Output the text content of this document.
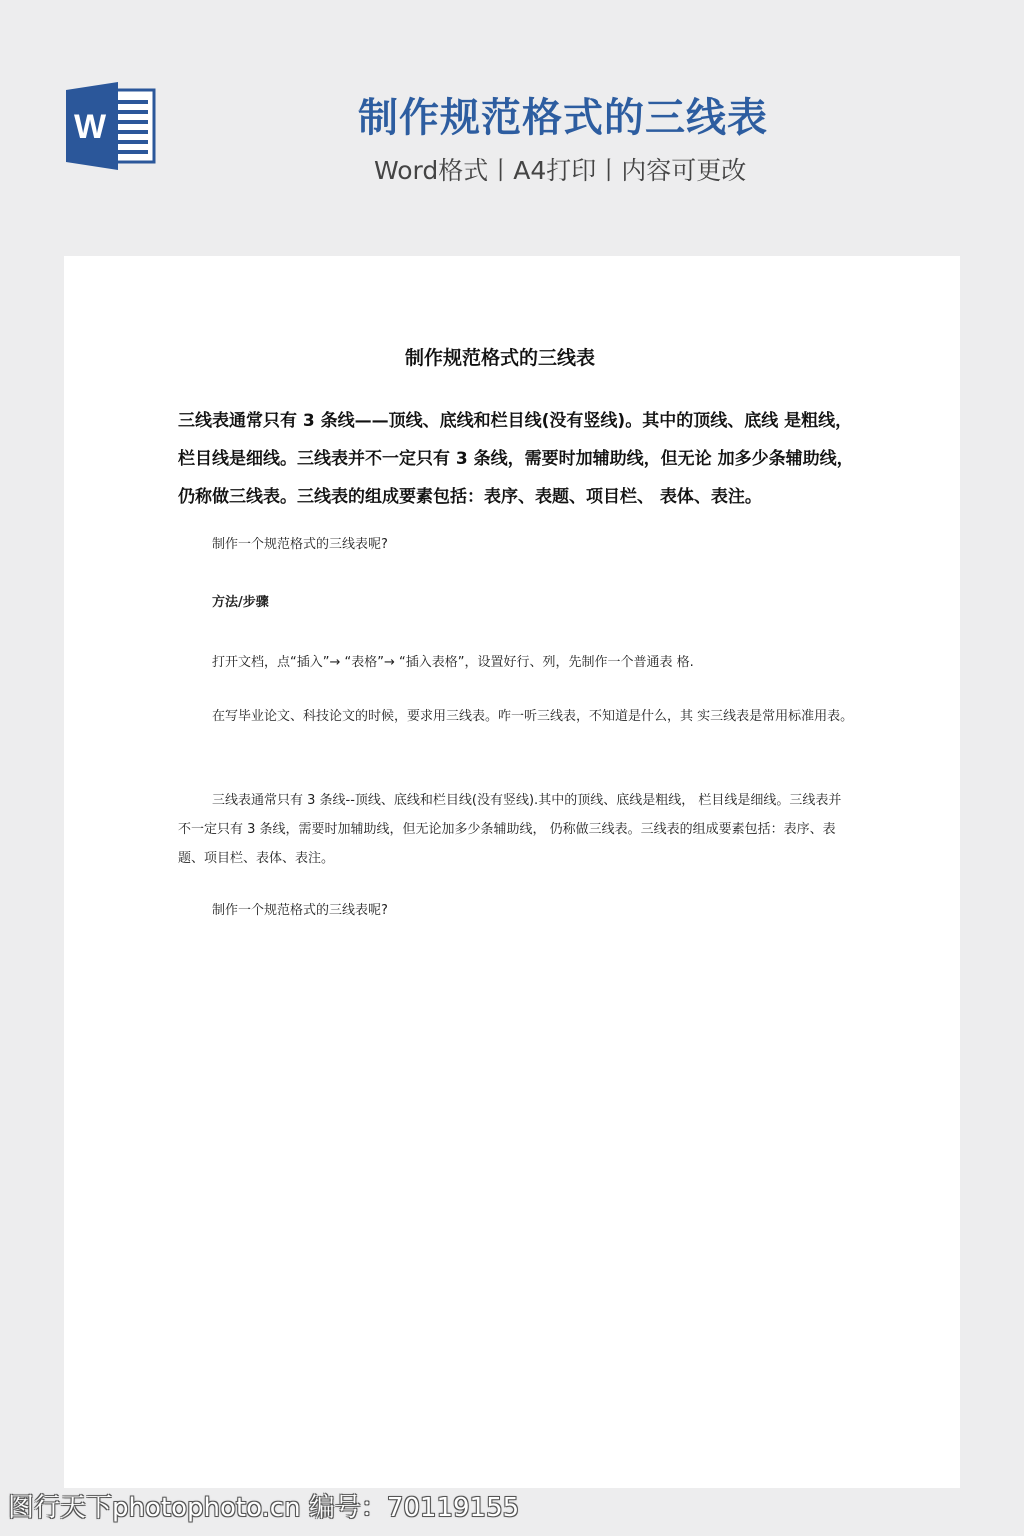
W	制作规范格式的三线表
Word格式丨A4打印丨内容可更改
制作规范格式的三线表
三线表通常只有 3 条线——顶线、底线和栏目线(没有竖线)。其中的顶线、底线 是粗线，栏目线是细线。三线表并不一定只有 3 条线，需要时加辅助线，但无论 加多少条辅助线，仍称做三线表。三线表的组成要素包括：表序、表题、项目栏、 表体、表注。
制作一个规范格式的三线表呢?
方法/步骤
打开文档，点“插入”→ “表格”→ “插入表格”，设置好行、列，先制作一个普通表 格.
在写毕业论文、科技论文的时候，要求用三线表。咋一听三线表，不知道是什么，其 实三线表是常用标准用表。
三线表通常只有 3 条线--顶线、底线和栏目线(没有竖线).其中的顶线、底线是粗线， 栏目线是细线。三线表并不一定只有 3 条线，需要时加辅助线，但无论加多少条辅助线， 仍称做三线表。三线表的组成要素包括：表序、表题、项目栏、表体、表注。
制作一个规范格式的三线表呢?
图行天下photophoto.cn 编号：70119155
